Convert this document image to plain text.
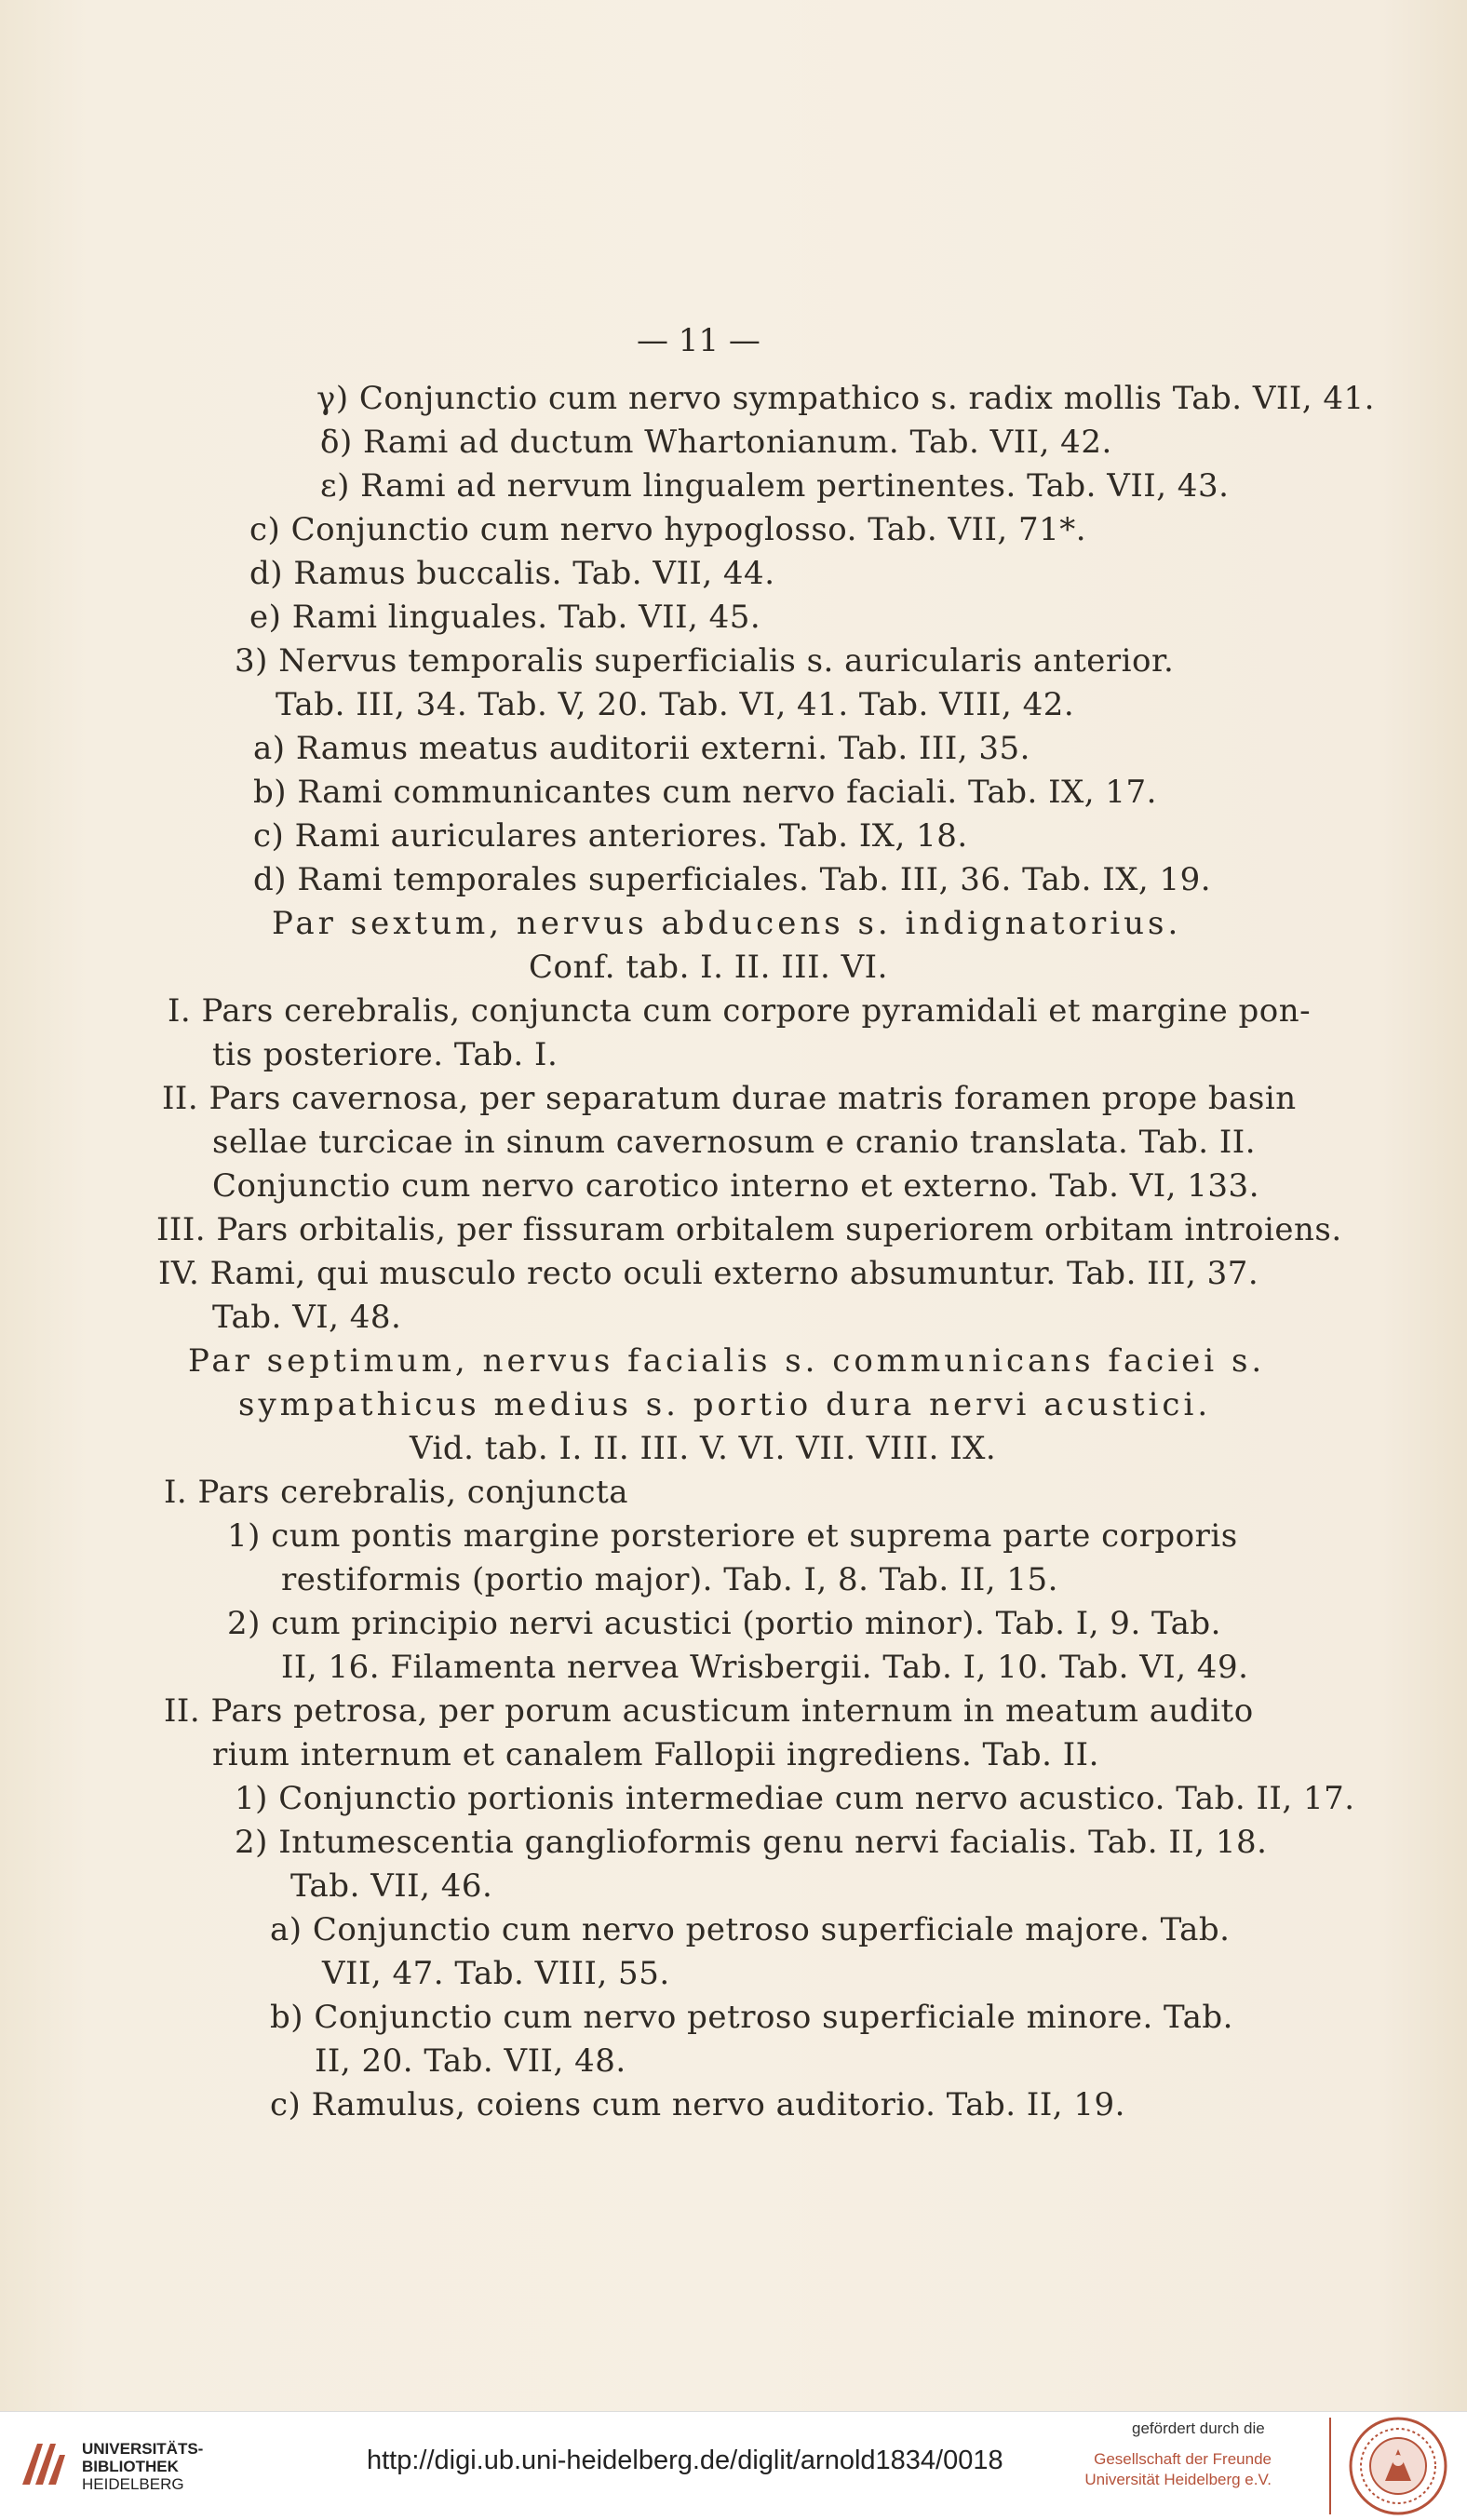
— 11 —
γ) Conjunctio cum nervo sympathico s. radix mollis Tab. VII, 41.
δ) Rami ad ductum Whartonianum. Tab. VII, 42.
ε) Rami ad nervum lingualem pertinentes. Tab. VII, 43.
c) Conjunctio cum nervo hypoglosso. Tab. VII, 71*.
d) Ramus buccalis. Tab. VII, 44.
e) Rami linguales. Tab. VII, 45.
3) Nervus temporalis superficialis s. auricularis anterior.
Tab. III, 34. Tab. V, 20. Tab. VI, 41. Tab. VIII, 42.
a) Ramus meatus auditorii externi. Tab. III, 35.
b) Rami communicantes cum nervo faciali. Tab. IX, 17.
c) Rami auriculares anteriores. Tab. IX, 18.
d) Rami temporales superficiales. Tab. III, 36. Tab. IX, 19.
Par sextum, nervus abducens s. indignatorius.
Conf. tab. I. II. III. VI.
I. Pars cerebralis, conjuncta cum corpore pyramidali et margine pon-
tis posteriore. Tab. I.
II. Pars cavernosa, per separatum durae matris foramen prope basin
sellae turcicae in sinum cavernosum e cranio translata. Tab. II.
Conjunctio cum nervo carotico interno et externo. Tab. VI, 133.
III. Pars orbitalis, per fissuram orbitalem superiorem orbitam introiens.
IV. Rami, qui musculo recto oculi externo absumuntur. Tab. III, 37.
Tab. VI, 48.
Par septimum, nervus facialis s. communicans faciei s.
sympathicus medius s. portio dura nervi acustici.
Vid. tab. I. II. III. V. VI. VII. VIII. IX.
I. Pars cerebralis, conjuncta
1) cum pontis margine porsteriore et suprema parte corporis
restiformis (portio major). Tab. I, 8. Tab. II, 15.
2) cum principio nervi acustici (portio minor). Tab. I, 9. Tab.
II, 16. Filamenta nervea Wrisbergii. Tab. I, 10. Tab. VI, 49.
II. Pars petrosa, per porum acusticum internum in meatum audito
rium internum et canalem Fallopii ingrediens. Tab. II.
1) Conjunctio portionis intermediae cum nervo acustico. Tab. II, 17.
2) Intumescentia ganglioformis genu nervi facialis. Tab. II, 18.
Tab. VII, 46.
a) Conjunctio cum nervo petroso superficiale majore. Tab.
VII, 47. Tab. VIII, 55.
b) Conjunctio cum nervo petroso superficiale minore. Tab.
II, 20. Tab. VII, 48.
c) Ramulus, coiens cum nervo auditorio. Tab. II, 19.
UNIVERSITÄTS-
BIBLIOTHEK
HEIDELBERG
http://digi.ub.uni-heidelberg.de/diglit/arnold1834/0018
gefördert durch die
Gesellschaft der Freunde
Universität Heidelberg e.V.
